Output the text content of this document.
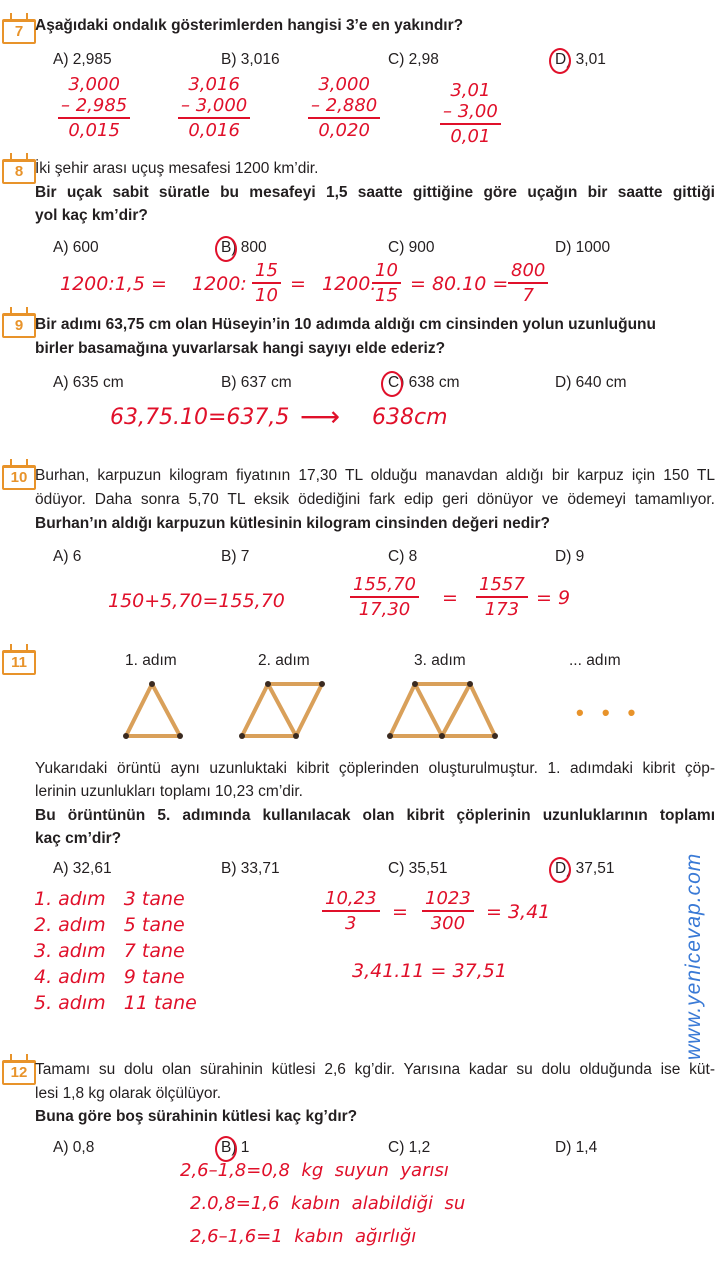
7 Aşağıdaki ondalık gösterimlerden hangisi 3’e en yakındır?
A) 2,985	B) 3,016	C) 2,98	D) 3,01
3,000
– 2,985
0,015
3,016
– 3,000
0,016
3,000
– 2,880
0,020
3,01
– 3,00
0,01
8 İki şehir arası uçuş mesafesi 1200 km’dir.
Bir uçak sabit süratle bu mesafeyi 1,5 saatte gittiğine göre uçağın bir saatte gittiği
yol kaç km’dir?
A) 600	B) 800	C) 900	D) 1000
1200:1,5 = 1200:
15
10
= 1200.
10
15
= 80.10 =
800
7
9 Bir adımı 63,75 cm olan Hüseyin’in 10 adımda aldığı cm cinsinden yolun uzunluğunu
birler basamağına yuvarlarsak hangi sayıyı elde ederiz?
A) 635 cm	B) 637 cm	C) 638 cm	D) 640 cm
63,75.10=637,5 ⟶ 638cm
10 Burhan, karpuzun kilogram fiyatının 17,30 TL olduğu manavdan aldığı bir karpuz için 150 TL
ödüyor. Daha sonra 5,70 TL eksik ödediğini fark edip geri dönüyor ve ödemeyi tamamlıyor.
Burhan’ın aldığı karpuzun kütlesinin kilogram cinsinden değeri nedir?
A) 6	B) 7	C) 8	D) 9
150+5,70=155,70
155,70
17,30
=
1557
173
= 9
11	1. adım	2. adım	3. adım	... adım
• • •
Yukarıdaki örüntü aynı uzunluktaki kibrit çöplerinden oluşturulmuştur. 1. adımdaki kibrit çöp-
lerinin uzunlukları toplamı 10,23 cm’dir.
Bu örüntünün 5. adımında kullanılacak olan kibrit çöplerinin uzunluklarının toplamı
kaç cm’dir?
A) 32,61	B) 33,71	C) 35,51	D) 37,51
1. adım   3 tane
2. adım   5 tane
3. adım   7 tane
4. adım   9 tane
5. adım   11 tane
10,23
3
=
1023
300
= 3,41
3,41.11 = 37,51
12 Tamamı su dolu olan sürahinin kütlesi 2,6 kg’dir. Yarısına kadar su dolu olduğunda ise küt-
lesi 1,8 kg olarak ölçülüyor.
Buna göre boş sürahinin kütlesi kaç kg’dır?
A) 0,8	B) 1	C) 1,2	D) 1,4
2,6–1,8=0,8  kg  suyun  yarısı
2.0,8=1,6  kabın  alabildiği  su
2,6–1,6=1  kabın  ağırlığı
www.yenicevap.com
